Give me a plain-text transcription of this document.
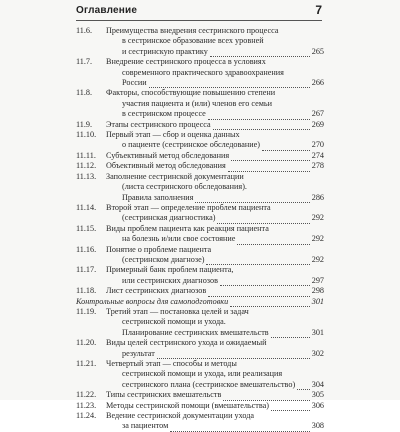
Оглавление	7
11.6. Преимущества внедрения сестринского процесса
в сестринское образование всех уровней
и сестринскую практику	265
11.7. Внедрение сестринского процесса в условиях
современного практического здравоохранения
России	266
11.8. Факторы, способствующие повышению степени
участия пациента и (или) членов его семьи
в сестринском процессе	267
11.9. Этапы сестринского процесса	269
11.10. Первый этап — сбор и оценка данных
о пациенте (сестринское обследование)	270
11.11. Субъективный метод обследования	274
11.12. Объективный метод обследования	278
11.13. Заполнение сестринской документации
(листа сестринского обследования).
Правила заполнения	286
11.14. Второй этап — определение проблем пациента
(сестринская диагностика)	292
11.15. Виды проблем пациента как реакция пациента
на болезнь и/или свое состояние	292
11.16. Понятие о проблеме пациента
(сестринском диагнозе)	292
11.17. Примерный банк проблем пациента,
или сестринских диагнозов	297
11.18. Лист сестринских диагнозов	298
Контрольные вопросы для самоподготовки	301
11.19. Третий этап — постановка целей и задач
сестринской помощи и ухода.
Планирование сестринских вмешательств	301
11.20. Виды целей сестринского ухода и ожидаемый
результат	302
11.21. Четвертый этап — способы и методы
сестринской помощи и ухода, или реализация
сестринского плана (сестринское вмешательство) 304
11.22. Типы сестринских вмешательств	305
11.23. Методы сестринской помощи (вмешательства)	306
11.24. Ведение сестринской документации ухода
за пациентом	308
